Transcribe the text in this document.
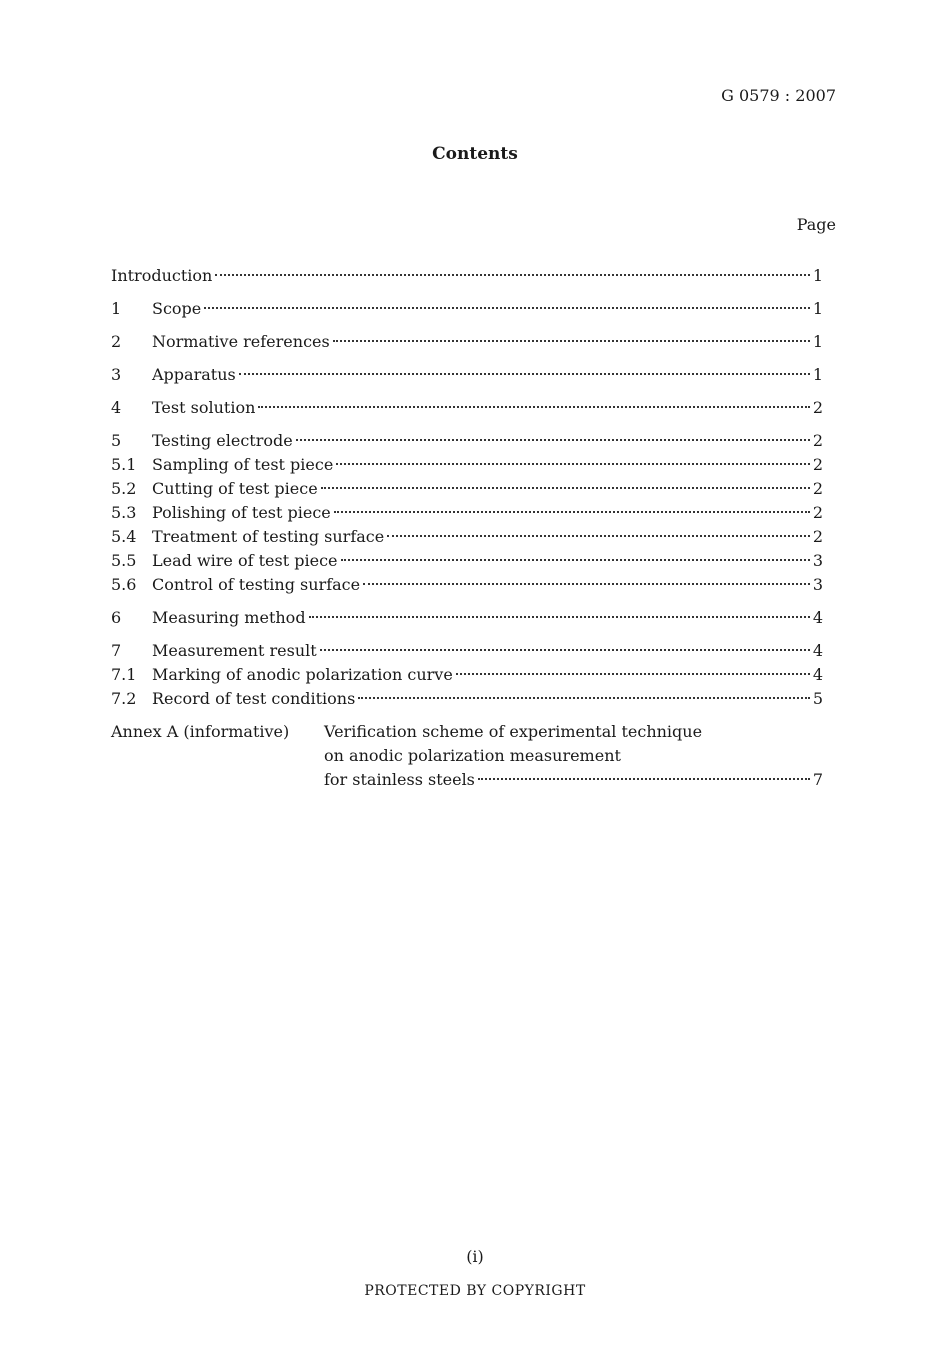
G 0579 : 2007
Contents
Page
Introduction	1
1	Scope	1
2	Normative references	1
3	Apparatus	1
4	Test solution	2
5	Testing electrode	2
5.1 Sampling of test piece	2
5.2 Cutting of test piece	2
5.3 Polishing of test piece	2
5.4 Treatment of testing surface	2
5.5 Lead wire of test piece	3
5.6 Control of testing surface	3
6	Measuring method	4
7	Measurement result	4
7.1 Marking of anodic polarization curve	4
7.2 Record of test conditions	5
Annex A (informative) Verification scheme of experimental technique
on anodic polarization measurement
for stainless steels	7
(i)
PROTECTED BY COPYRIGHT
